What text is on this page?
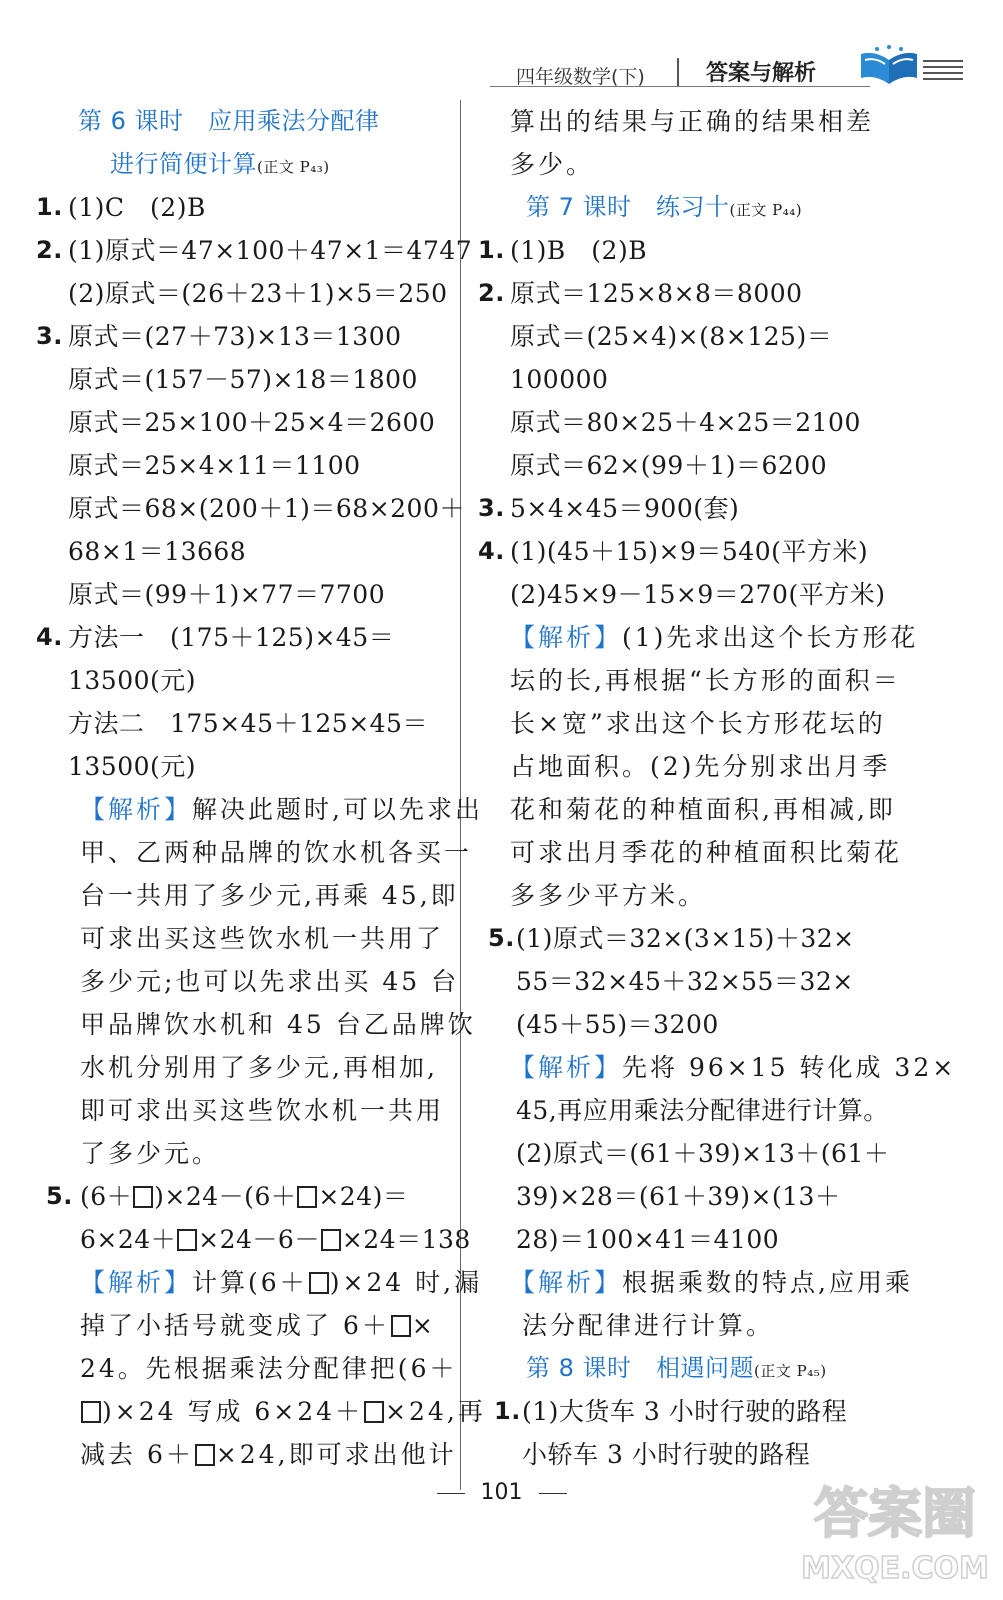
四年级数学(下)	答案与解析
第 6 课时　应用乘法分配律
进行简便计算(正文 P₄₃)
1. (1)C　(2)B
2. (1)原式＝47×100＋47×1＝4747
(2)原式＝(26＋23＋1)×5＝250
3. 原式＝(27＋73)×13＝1300
原式＝(157－57)×18＝1800
原式＝25×100＋25×4＝2600
原式＝25×4×11＝1100
原式＝68×(200＋1)＝68×200＋
68×1＝13668
原式＝(99＋1)×77＝7700
4. 方法一　(175＋125)×45＝
13500(元)
方法二　175×45＋125×45＝
13500(元)
【解析】解决此题时,可以先求出
甲、乙两种品牌的饮水机各买一
台一共用了多少元,再乘 45,即
可求出买这些饮水机一共用了
多少元;也可以先求出买 45 台
甲品牌饮水机和 45 台乙品牌饮
水机分别用了多少元,再相加,
即可求出买这些饮水机一共用
了多少元。
5. (6＋ )×24－(6＋ ×24)＝
6×24＋ ×24－6－ ×24＝138
【解析】计算(6＋ )×24 时,漏
掉了小括号就变成了 6＋ ×
24。先根据乘法分配律把(6＋
)×24 写成 6×24＋ ×24,再
减去 6＋ ×24,即可求出他计
算出的结果与正确的结果相差
多少。
第 7 课时　练习十(正文 P₄₄)
1. (1)B　(2)B
2. 原式＝125×8×8＝8000
原式＝(25×4)×(8×125)＝
100000
原式＝80×25＋4×25＝2100
原式＝62×(99＋1)＝6200
3. 5×4×45＝900(套)
4. (1)(45＋15)×9＝540(平方米)
(2)45×9－15×9＝270(平方米)
【解析】(1)先求出这个长方形花
坛的长,再根据“长方形的面积＝
长×宽”求出这个长方形花坛的
占地面积。(2)先分别求出月季
花和菊花的种植面积,再相减,即
可求出月季花的种植面积比菊花
多多少平方米。
5. (1)原式＝32×(3×15)＋32×
55＝32×45＋32×55＝32×
(45＋55)＝3200
【解析】先将 96×15 转化成 32×
45,再应用乘法分配律进行计算。
(2)原式＝(61＋39)×13＋(61＋
39)×28＝(61＋39)×(13＋
28)＝100×41＝4100
【解析】根据乘数的特点,应用乘
法分配律进行计算。
第 8 课时　相遇问题(正文 P₄₅)
1. (1)大货车 3 小时行驶的路程
小轿车 3 小时行驶的路程
101	答案圈
MXQE.COM
